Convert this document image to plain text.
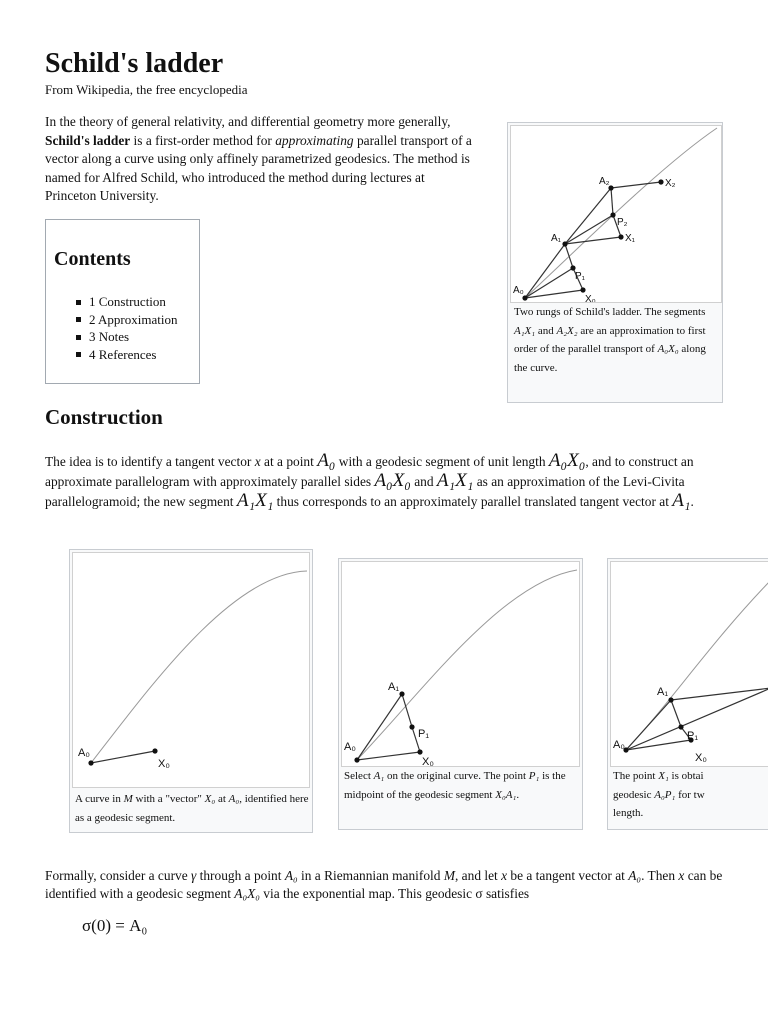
Schild's ladder
From Wikipedia, the free encyclopedia

In the theory of general relativity, and differential geometry more generally, Schild's ladder is a first-order method for approximating parallel transport of a vector along a curve using only affinely parametrized geodesics. The method is named for Alfred Schild, who introduced the method during lectures at Princeton University.

Contents
1 Construction
2 Approximation
3 Notes
4 References
A₀
X₀
P₁
A₁	X₁
P₂
A₂	X₂
Two rungs of Schild's ladder. The segments A₁X₁ and A₂X₂ are an approximation to first order of the parallel transport of A₀X₀ along the curve.
Construction

The idea is to identify a tangent vector x at a point A₀ with a geodesic segment of unit length A₀X₀, and to construct an approximate parallelogram with approximately parallel sides A₀X₀ and A₁X₁ as an approximation of the Levi-Civita parallelogramoid; the new segment A₁X₁ thus corresponds to an approximately parallel translated tangent vector at A₁.

A₀
X₀
A curve in M with a "vector" X₀ at A₀, identified here as a geodesic segment.
A₀
X₀
A₁
P₁
Select A₁ on the original curve. The point P₁ is the midpoint of the geodesic segment X₀A₁.
A₀
X₀
A₁
P₁
The point X₁ is obtai
geodesic A₀P₁ for tw
length.

Formally, consider a curve γ through a point A₀ in a Riemannian manifold M, and let x be a tangent vector at A₀. Then x can be identified with a geodesic segment A₀X₀ via the exponential map. This geodesic σ satisfies

σ(0) = A₀
